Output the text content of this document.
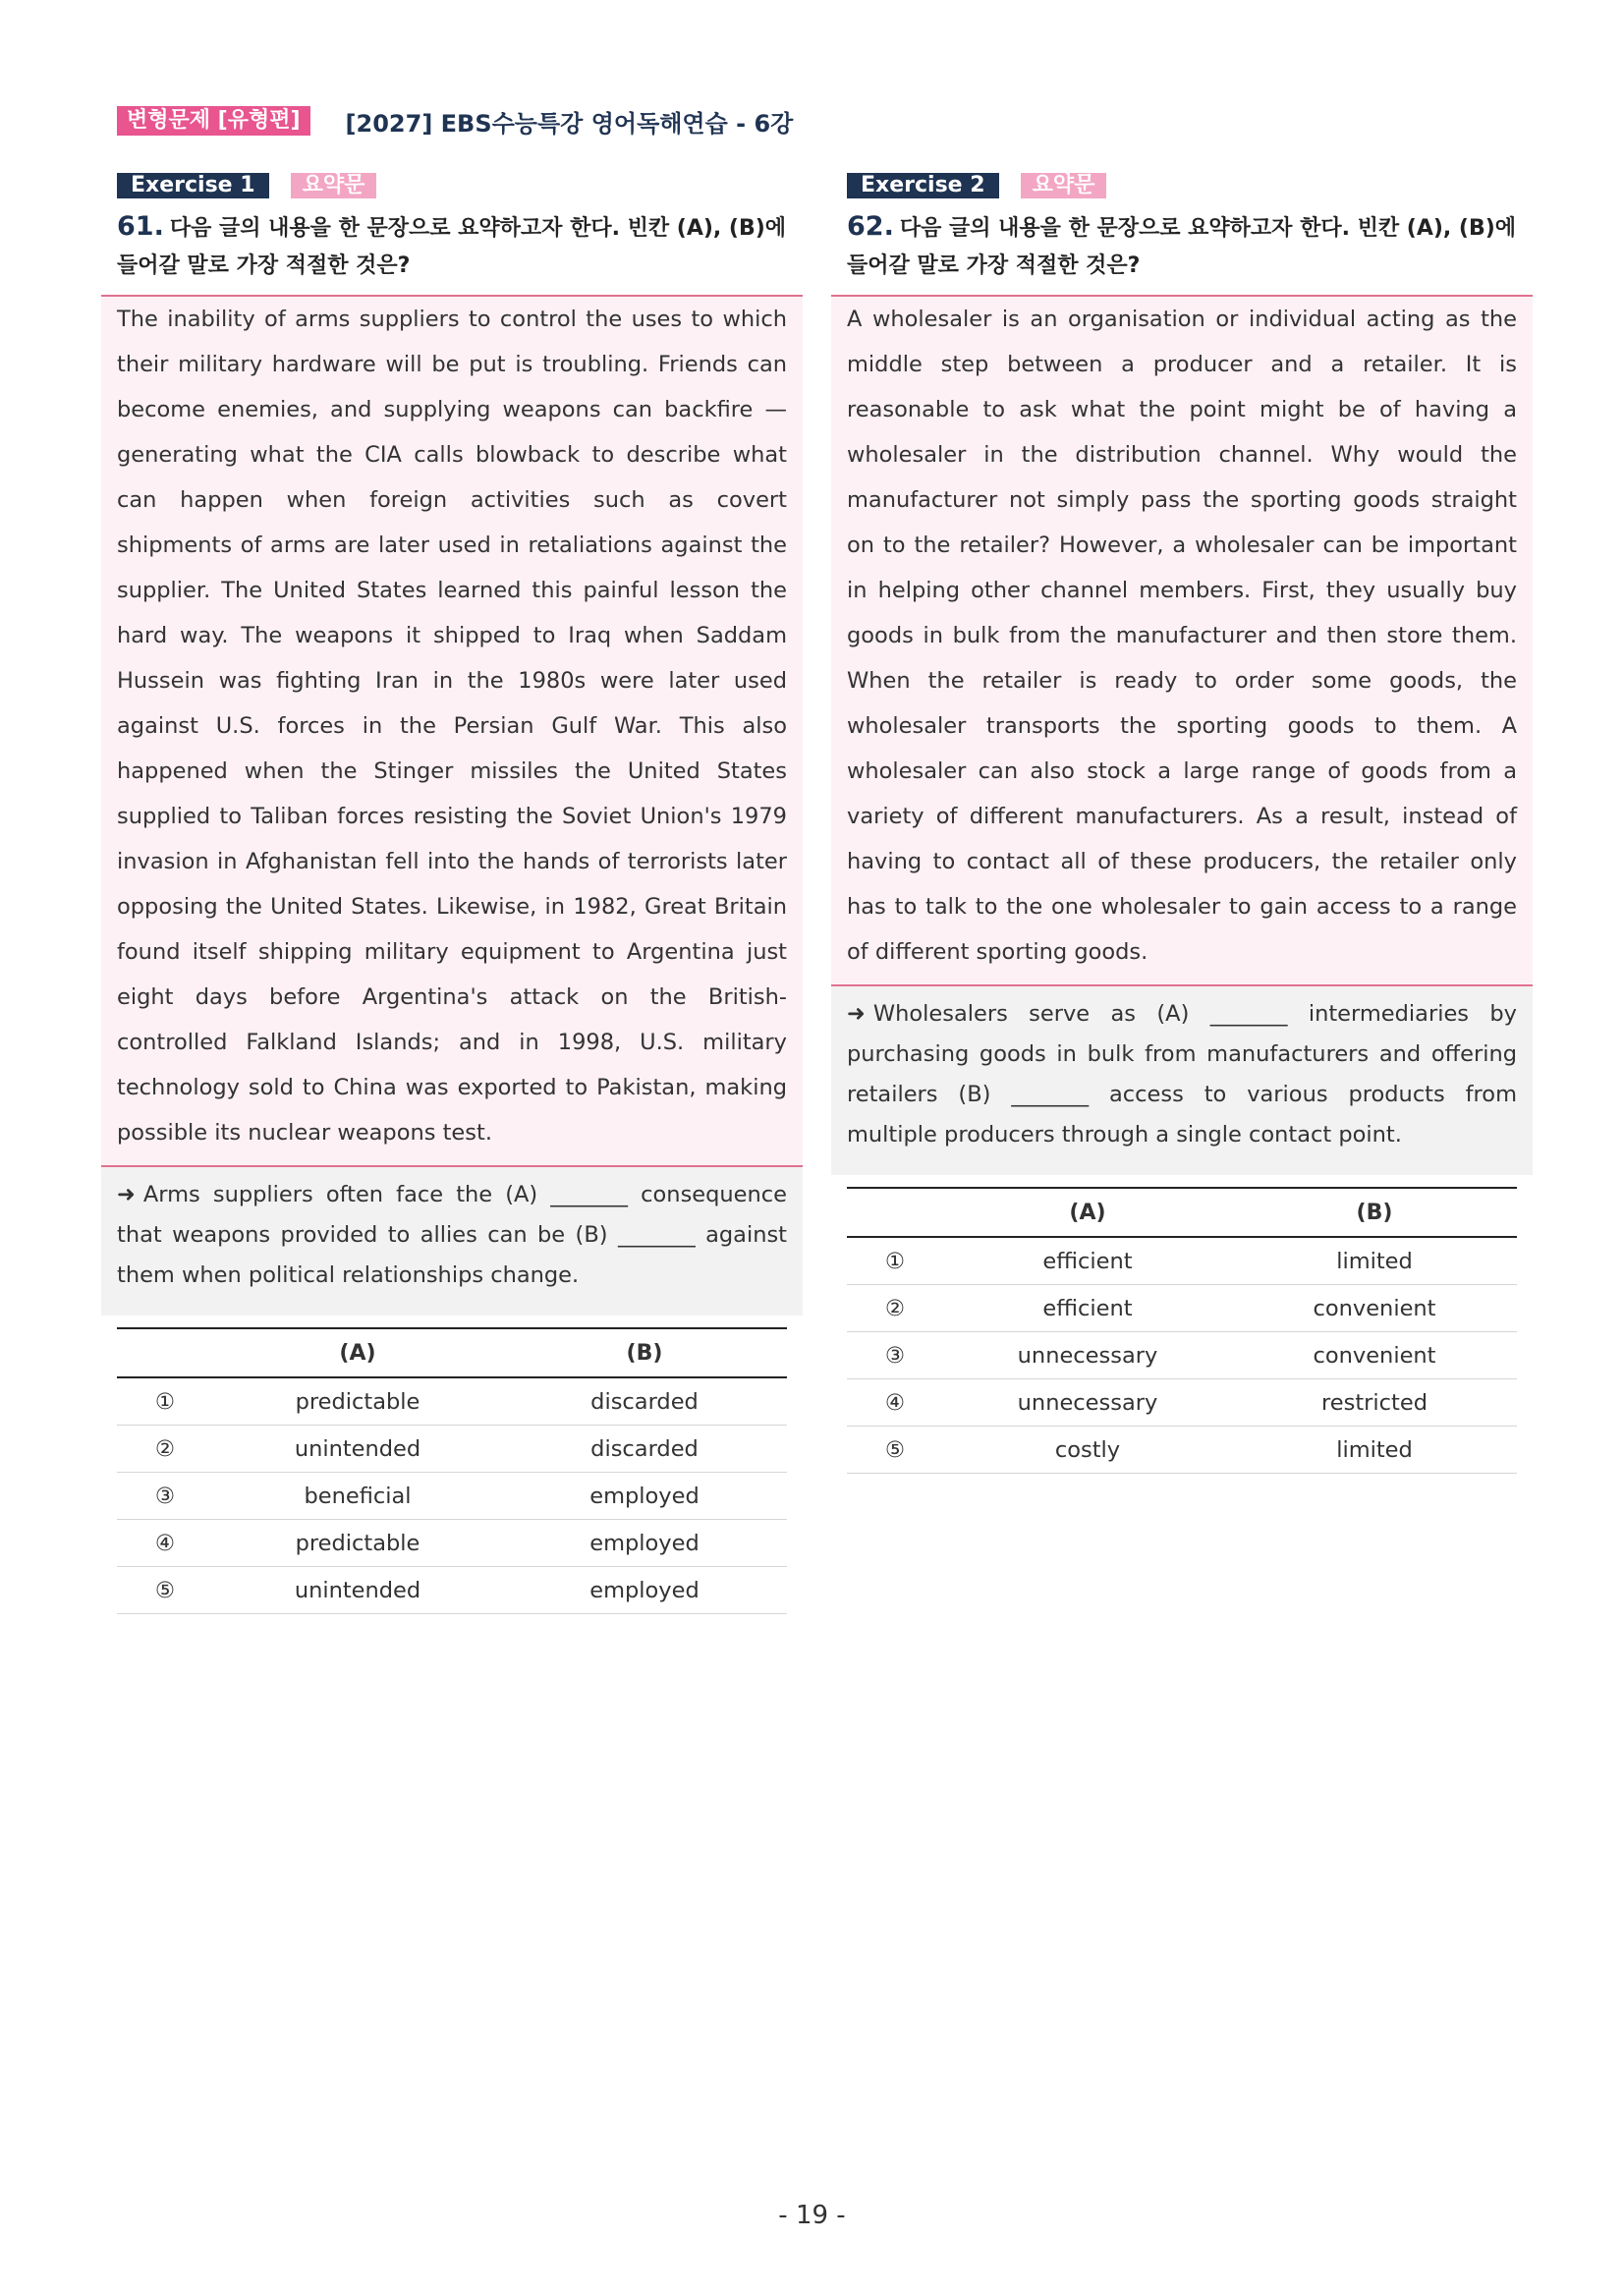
변형문제 [유형편]	[2027] EBS수능특강 영어독해연습 - 6강
Exercise 1	요약문
61. 다음 글의 내용을 한 문장으로 요약하고자 한다. 빈칸 (A), (B)에 들어갈 말로 가장 적절한 것은?
The inability of arms suppliers to control the uses to which their military hardware will be put is troubling. Friends can become enemies, and supplying weapons can backfire — generating what the CIA calls blowback to describe what can happen when foreign activities such as covert shipments of arms are later used in retaliations against the supplier. The United States learned this painful lesson the hard way. The weapons it shipped to Iraq when Saddam Hussein was fighting Iran in the 1980s were later used against U.S. forces in the Persian Gulf War. This also happened when the Stinger missiles the United States supplied to Taliban forces resisting the Soviet Union's 1979 invasion in Afghanistan fell into the hands of terrorists later opposing the United States. Likewise, in 1982, Great Britain found itself shipping military equipment to Argentina just eight days before Argentina's attack on the British-controlled Falkland Islands; and in 1998, U.S. military technology sold to China was exported to Pakistan, making possible its nuclear weapons test.
➜ Arms suppliers often face the (A) _______ consequence that weapons provided to allies can be (B) _______ against them when political relationships change.
	(A)	(B)
①	predictable	discarded
②	unintended	discarded
③	beneficial	employed
④	predictable	employed
⑤	unintended	employed
Exercise 2	요약문
62. 다음 글의 내용을 한 문장으로 요약하고자 한다. 빈칸 (A), (B)에 들어갈 말로 가장 적절한 것은?
A wholesaler is an organisation or individual acting as the middle step between a producer and a retailer. It is reasonable to ask what the point might be of having a wholesaler in the distribution channel. Why would the manufacturer not simply pass the sporting goods straight on to the retailer? However, a wholesaler can be important in helping other channel members. First, they usually buy goods in bulk from the manufacturer and then store them. When the retailer is ready to order some goods, the wholesaler transports the sporting goods to them. A wholesaler can also stock a large range of goods from a variety of different manufacturers. As a result, instead of having to contact all of these producers, the retailer only has to talk to the one wholesaler to gain access to a range of different sporting goods.
➜ Wholesalers serve as (A) _______ intermediaries by purchasing goods in bulk from manufacturers and offering retailers (B) _______ access to various products from multiple producers through a single contact point.
	(A)	(B)
①	efficient	limited
②	efficient	convenient
③	unnecessary	convenient
④	unnecessary	restricted
⑤	costly	limited
- 19 -
